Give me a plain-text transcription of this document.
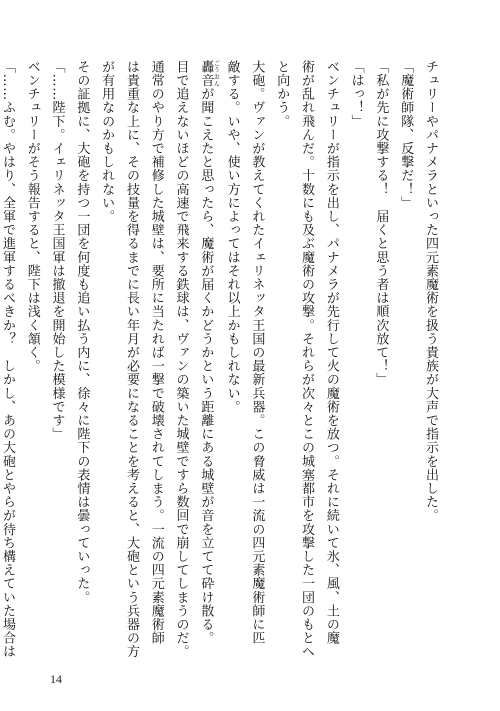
チュリーやパナメラといった四元素魔術を扱う貴族が大声で指示を出した。

「魔術師隊、反撃だ！」

「私が先に攻撃する！　届くと思う者は順次放て！」

「はっ！」

ベンチュリーが指示を出し、パナメラが先行して火の魔術を放つ。それに続いて氷、風、土の魔

術が乱れ飛んだ。十数にも及ぶ魔術の攻撃。それらが次々とこの城塞都市を攻撃した一団のもとへ

と向かう。

大砲。ヴァンが教えてくれたイェリネッタ王国の最新兵器。この脅威は一流の四元素魔術師に匹

敵する。いや、使い方によってはそれ以上かもしれない。

轟音 ごうおんが聞こえたと思ったら、魔術が届くかどうかという距離にある城壁が音を立てて砕け散る。

目で追えないほどの高速で飛来する鉄球は、ヴァンの築いた城壁ですら数回で崩してしまうのだ。

通常のやり方で補修した城壁は、要所に当たれば一撃で破壊されてしまう。一流の四元素魔術師

は貴重な上に、その技量を得るまでに長い年月が必要になることを考えると、大砲という兵器の方

が有用なのかもしれない。

その証拠に、大砲を持つ一団を何度も追い払う内に、徐々に陛下の表情は曇っていった。

「……陛下。イェリネッタ王国軍は撤退を開始した模様です」

ベンチュリーがそう報告すると、陛下は浅く頷く。

「……ふむ。やはり、全軍で進軍するべきか？　しかし、あの大砲とやらが待ち構えていた場合は

14
